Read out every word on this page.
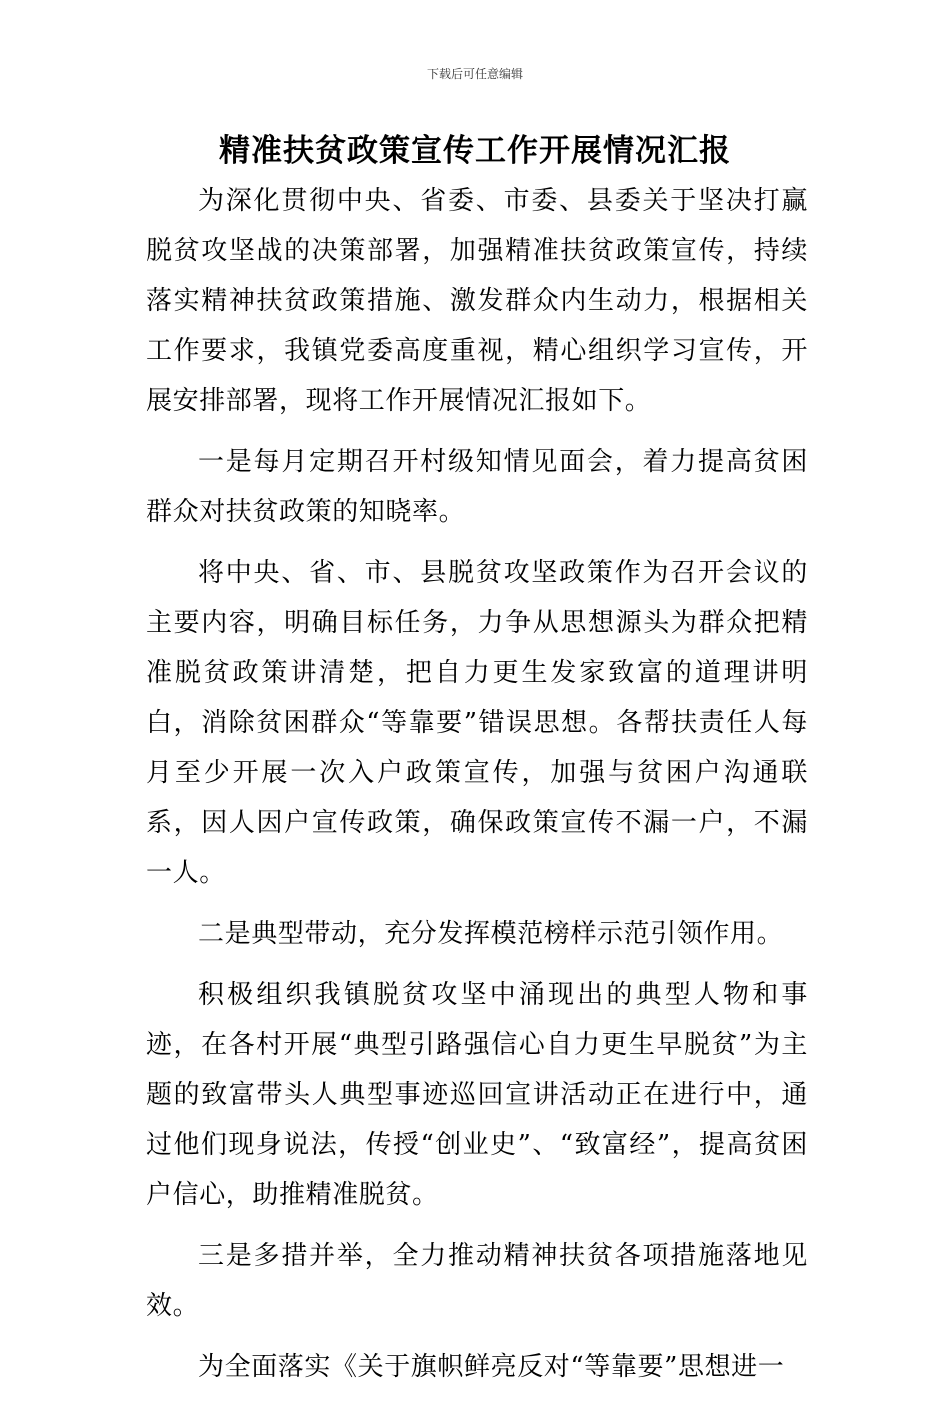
下载后可任意编辑
精准扶贫政策宣传工作开展情况汇报

为深化贯彻中央、省委、市委、县委关于坚决打赢脱贫攻坚战的决策部署，加强精准扶贫政策宣传，持续落实精神扶贫政策措施、激发群众内生动力，根据相关工作要求，我镇党委高度重视，精心组织学习宣传，开展安排部署，现将工作开展情况汇报如下。

一是每月定期召开村级知情见面会，着力提高贫困群众对扶贫政策的知晓率。

将中央、省、市、县脱贫攻坚政策作为召开会议的主要内容，明确目标任务，力争从思想源头为群众把精准脱贫政策讲清楚，把自力更生发家致富的道理讲明白，消除贫困群众“等靠要”错误思想。各帮扶责任人每月至少开展一次入户政策宣传，加强与贫困户沟通联系，因人因户宣传政策，确保政策宣传不漏一户，不漏一人。

二是典型带动，充分发挥模范榜样示范引领作用。

积极组织我镇脱贫攻坚中涌现出的典型人物和事迹，在各村开展“典型引路强信心自力更生早脱贫”为主题的致富带头人典型事迹巡回宣讲活动正在进行中，通过他们现身说法，传授“创业史”、“致富经”，提高贫困户信心，助推精准脱贫。

三是多措并举，全力推动精神扶贫各项措施落地见效。

为全面落实《关于旗帜鲜亮反对“等靠要”思想进一
